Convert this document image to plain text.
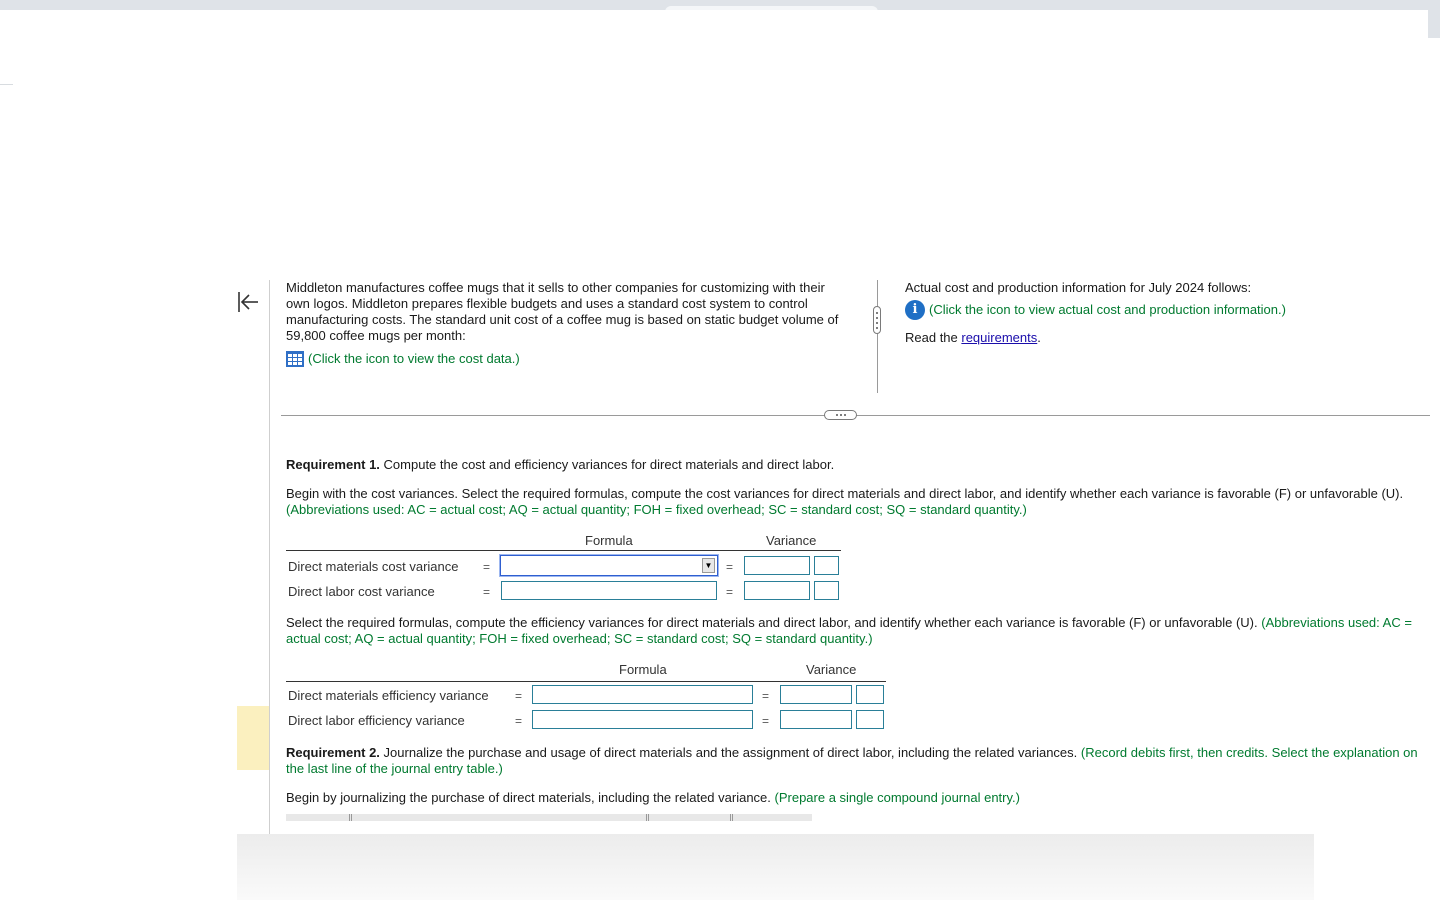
Middleton manufactures coffee mugs that it sells to other companies for customizing with their own logos. Middleton prepares flexible budgets and uses a standard cost system to control manufacturing costs. The standard unit cost of a coffee mug is based on static budget volume of 59,800 coffee mugs per month:

(Click the icon to view the cost data.)
Actual cost and production information for July 2024 follows:
i (Click the icon to view actual cost and production information.)
Read the requirements.

Requirement 1. Compute the cost and efficiency variances for direct materials and direct labor.

Begin with the cost variances. Select the required formulas, compute the cost variances for direct materials and direct labor, and identify whether each variance is favorable (F) or unfavorable (U).
(Abbreviations used: AC = actual cost; AQ = actual quantity; FOH = fixed overhead; SC = standard cost; SQ = standard quantity.)

Formula	Variance
Direct materials cost variance =	▼ =
Direct labor cost variance	=	=
Select the required formulas, compute the efficiency variances for direct materials and direct labor, and identify whether each variance is favorable (F) or unfavorable (U). (Abbreviations used: AC = actual cost; AQ = actual quantity; FOH = fixed overhead; SC = standard cost; SQ = standard quantity.)
Formula	Variance
Direct materials efficiency variance =	=
Direct labor efficiency variance	=	=
Requirement 2. Journalize the purchase and usage of direct materials and the assignment of direct labor, including the related variances. (Record debits first, then credits. Select the explanation on the last line of the journal entry table.)
Begin by journalizing the purchase of direct materials, including the related variance. (Prepare a single compound journal entry.)
